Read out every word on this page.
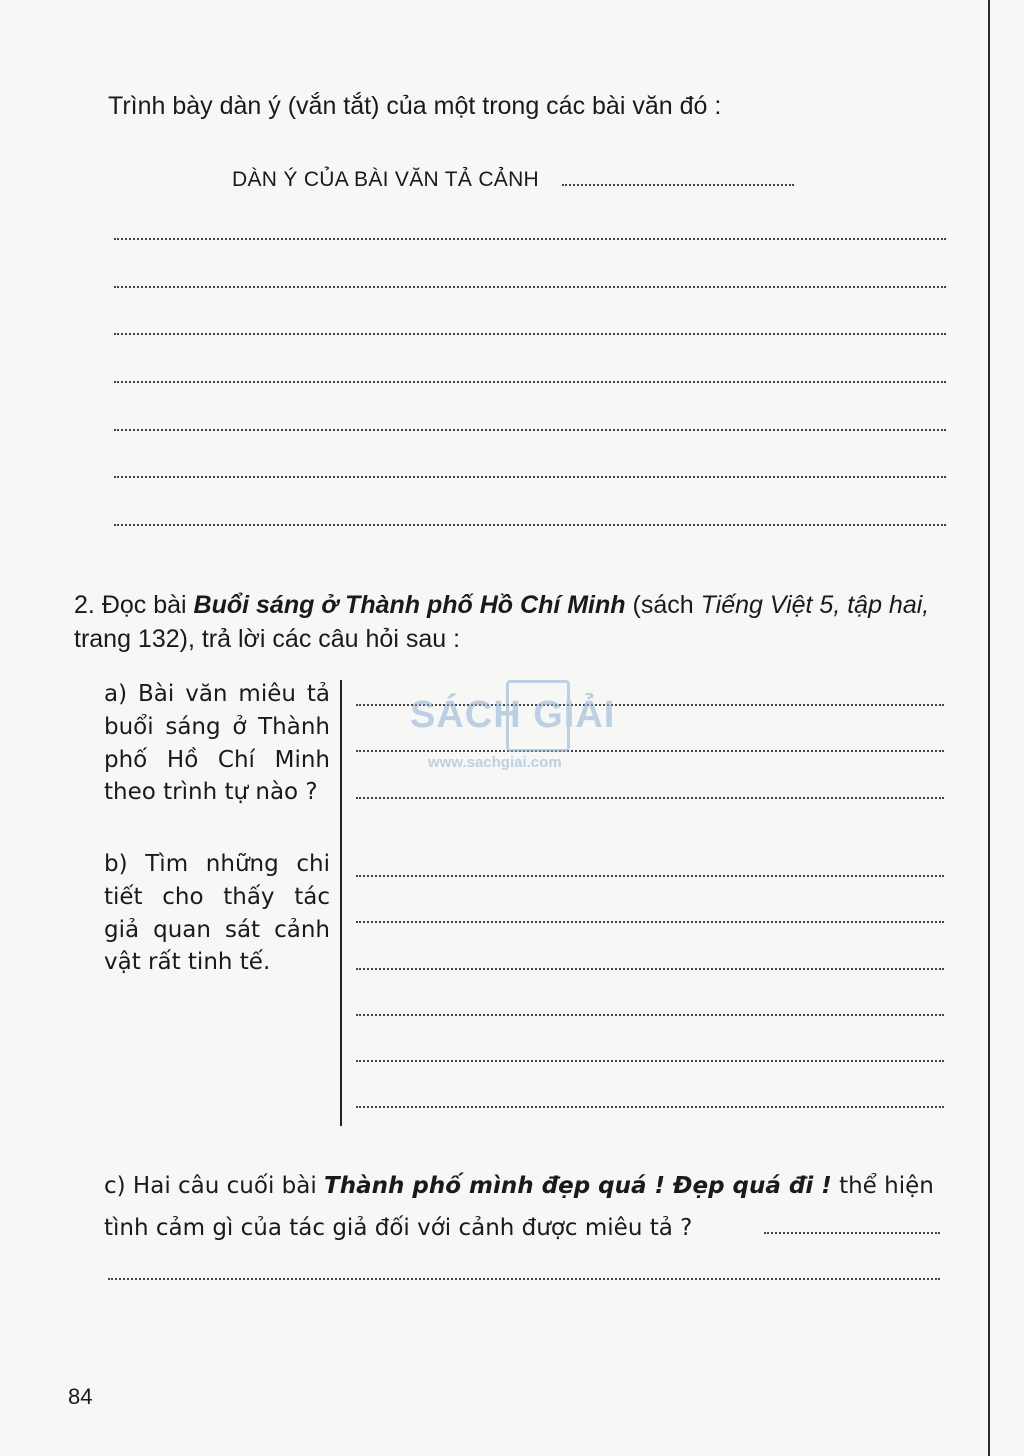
Trình bày dàn ý (vắn tắt) của một trong các bài văn đó :
DÀN Ý CỦA BÀI VĂN TẢ CẢNH
2. Đọc bài Buổi sáng ở Thành phố Hồ Chí Minh (sách Tiếng Việt 5, tập hai, trang 132), trả lời các câu hỏi sau :
a) Bài văn miêu tả buổi sáng ở Thành phố Hồ Chí Minh theo trình tự nào ?
b) Tìm những chi tiết cho thấy tác giả quan sát cảnh vật rất tinh tế.
SÁCH GIẢI
www.sachgiai.com
c) Hai câu cuối bài Thành phố mình đẹp quá ! Đẹp quá đi ! thể hiện tình cảm gì của tác giả đối với cảnh được miêu tả ?
84
